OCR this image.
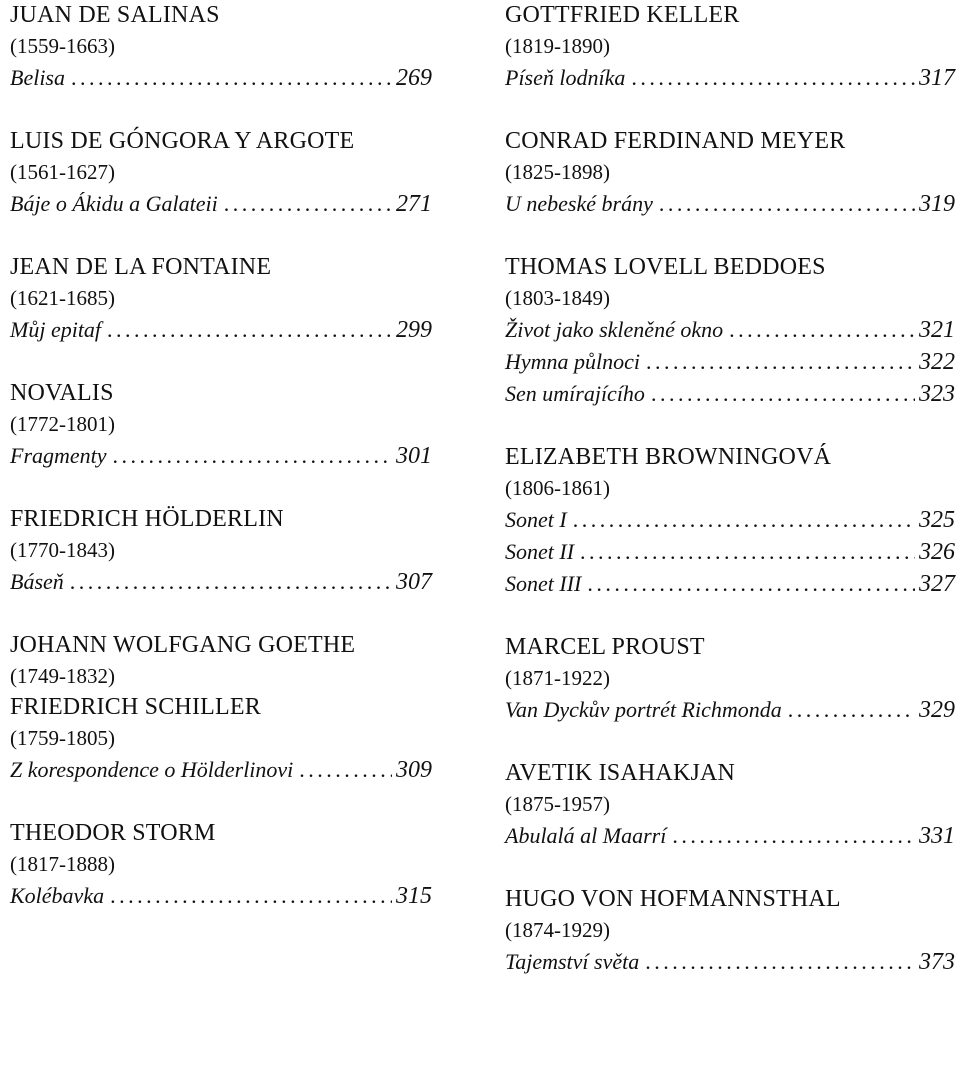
JUAN DE SALINAS
(1559-1663)
Belisa .....	269
LUIS DE GÓNGORA Y ARGOTE
(1561-1627)
Báje o Ákidu a Galateii .....	271
JEAN DE LA FONTAINE
(1621-1685)
Můj epitaf .....	299
NOVALIS
(1772-1801)
Fragmenty .....	301
FRIEDRICH HÖLDERLIN
(1770-1843)
Báseň .....	307
JOHANN WOLFGANG GOETHE
(1749-1832)
FRIEDRICH SCHILLER
(1759-1805)
Z korespondence o Hölderlinovi .....	309
THEODOR STORM
(1817-1888)
Kolébavka .....	315
GOTTFRIED KELLER
(1819-1890)
Píseň lodníka .....	317
CONRAD FERDINAND MEYER
(1825-1898)
U nebeské brány .....	319
THOMAS LOVELL BEDDOES
(1803-1849)
Život jako skleněné okno .....	321
Hymna půlnoci .....	322
Sen umírajícího .....	323
ELIZABETH BROWNINGOVÁ
(1806-1861)
Sonet I .....	325
Sonet II .....	326
Sonet III .....	327
MARCEL PROUST
(1871-1922)
Van Dyckův portrét Richmonda .....	329
AVETIK ISAHAKJAN
(1875-1957)
Abulalá al Maarrí .....	331
HUGO VON HOFMANNSTHAL
(1874-1929)
Tajemství světa .....	373
